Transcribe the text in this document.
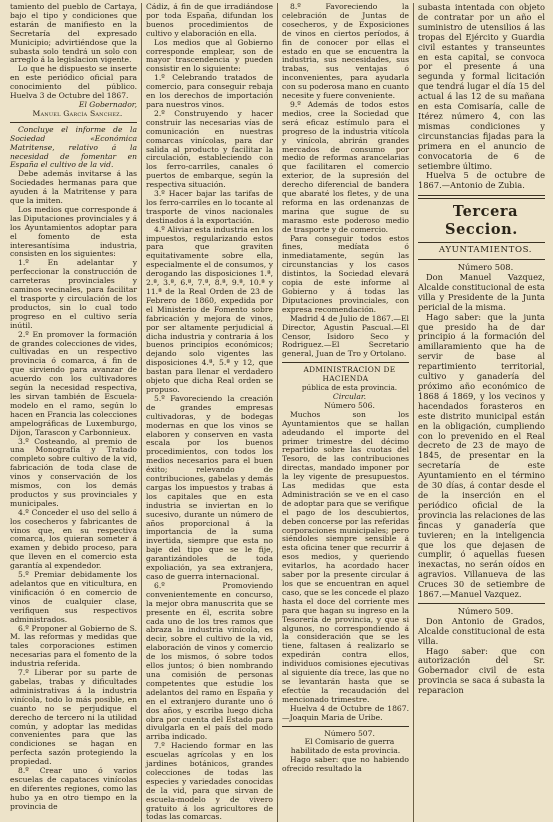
tamiento del pueblo de Cartaya, bajo el tipo y condiciones que estarán de manifiesto en la Secretaría del expresado Municipio; advirtiéndose que la subasta solo tendrá un solo con arreglo á la legislacion vigente.

Lo que he dispuesto se inserte en este periódico oficial para conocimiento del público. Huelva 3 de Octubre del 1867.

El Gobernador,

Manuel García Sanchez.

Concluye el informe de la Sociedad «Económica Matritense, relativo á la necesidad de fomentar en España el cultivo de la vid.

Debe además invitarse á las Sociedades hermanas para que ayuden á la Matritense y para que la imiten.

Los medios que corresponde á las Diputaciones provinciales y á los Ayuntamientos adoptar para el fomento de esta interesantísima industria, consisten en los siguientes:

1.º En adelantar y perfeccionar la construcción de carreteras provinciales y caminos vecinales, para facilitar el trasporte y circulación de los productos, sin lo cual todo progreso en el cultivo sería inútil.

2.º En promover la formación de grandes colecciones de vides, cultivadas en un respectivo provincia ó comarca, á fin de que sirviendo para avanzar de acuerdo con los cultivadores según la necesidad respectiva, les sirvan también de Escuela-modelo en el ramo, según lo hacen en Francia las colecciones ampelográficas de Luxemburgo, Dijon, Tarascon y Carbonnieux.

3.º Costeando, al premio de una Monografía y Tratado completo sobre cultivo de la vid, fabricación de toda clase de vinos y conservación de los mismos, con los demás productos y sus provinciales y municipales.

4.º Conceder el uso del sello á los cosecheros y fabricantes de vinos que, en su respectiva comarca, los quieran someter á examen y debido proceso, para que lleven en el comercio esta garantía al expendedor.

5.º Premiar debidamente los adelantos que en viticultura, en vinificación ó en comercio de vinos de cualquier clase, verifiquen sus respectivos administrados.

6.º Proponer al Gobierno de S. M. las reformas y medidas que tales corporaciones estimen necesarias para el fomento de la industria referida.

7.º Liberar por su parte de gabelas, trabas y dificultades administrativas á la industria vinícola, todo lo más posible, en cuanto no se perjudique el derecho de tercero ni la utilidad común, y adoptar las medidas convenientes para que las condiciones se hagan en perfecta sazón protegiendo la propiedad.

8.º Crear uno ó varios escuelas de capataces vinícolas en diferentes regiones, como las hubo ya en otro tiempo en la provincia de

Cádiz, á fin de que irradiándose por toda España, difundan los buenos procedimientos de cultivo y elaboración en ella.

Los medios que al Gobierno corresponde emplear, son de mayor trascendencia y pueden consistir en lo siguiente:

1.º Celebrando tratados de comercio, para conseguir rebaja en los derechos de importación para nuestros vinos.

2.º Construyendo y hacer construir las necesarias vías de comunicación en nuestras comarcas vinícolas, para dar salida al producto y facilitar la circulación, estableciendo con los ferro-carriles, canales ó puertos de embarque, según la respectiva situación.

3.º Hacer bajar las tarifas de los ferro-carriles en lo tocante al trasporte de vinos nacionales destinados á la exportación.

4.º Aliviar esta industria en los impuestos, regularizando estos para que graviten equitativamente sobre ella, especialmente el de consumos, y derogando las disposiciones 1.ª, 2.ª, 3.ª, 6.ª, 7.ª, 8.ª, 9.ª, 10.ª y 11.ª de la Real Orden de 23 de Febrero de 1860, expedida por el Ministerio de Fomento sobre fabricación y mejora de vinos, por ser altamente perjudicial á dicha industria y contraria á los buenos principios económicos; dejando solo vigentes las disposiciones 4.ª, 5.ª y 12, que bastan para llenar el verdadero objeto que dicha Real orden se propuso.

5.º Favoreciendo la creación de grandes empresas cultivadoras, y de bodegas modernas en que los vinos se elaboren y conserven en vasta escala por los buenos procedimientos, con todos los medios necesarios para el buen éxito; relevando de contribuciones, gabelas y demás cargas los impuestos y trabas á los capitales que en esta industria se inviertan en lo sucesivo, durante un número de años proporcional á la importancia de la suma invertida, siempre que esta no baje del tipo que se le fije, garantizándoles de toda expoliación, ya sea extranjera, caso de guerra internacional.

6.º Promoviendo convenientemente en concurso, la mejor obra manuscrita que se presente en él, escrita sobre cada uno de los tres ramos que abraza la industria vinícola, es decir, sobre el cultivo de la vid, elaboración de vinos y comercio de los mismos, ó sobre todos ellos juntos; ó bien nombrando una comisión de personas competentes que estudie los adelantos del ramo en España y en el extranjero durante uno ó dos años, y escriba luego dicha obra por cuenta del Estado para divulgarla en el país del modo arriba indicado.

7.º Haciendo formar en las escuelas agrícolas y en los jardines botánicos, grandes colecciones de todas las especies y variedades conocidas de la vid, para que sirvan de escuela-modelo y de vivero gratuito á los agricultores de todas las comarcas.

8.º Favoreciendo la celebración de Juntas de cosecheros, y de Exposiciones de vinos en ciertos períodos, á fin de conocer por ellas el estado en que se encuentra la industria, sus necesidades, sus trabas, sus ventajas ó inconvenientes, para ayudarla con su poderosa mano en cuanto necesite y fuere conveniente.

9.º Además de todos estos medios, cree la Sociedad que será eficaz estímulo para el progreso de la industria vitícola y vinícola, abrirán grandes mercados de consumo por medio de reformas arancelarias que facilitaren el comercio exterior, de la supresión del derecho diferencial de bandera que abaraté los fletes, y de una reforma en las ordenanzas de marina que sugue de su marasmo este poderoso medio de trasporte y de comercio.

Para conseguir todos estos fines, medíata ó inmediatamente, según las circunstancias y los casos distintos, la Sociedad elevará copia de este informe al Gobierno y á todas las Diputaciones provinciales, con expresa recomendación.

Madrid 4 de Julio de 1867.—El Director, Agustin Pascual.—El Censor, Isidoro Seco y Rodriguez.—El Secretario general, Juan de Tro y Ortolano.

ADMINISTRACION DE HACIENDA

pública de esta provincia.

Circular.

Número 506.

Muchos son los Ayuntamientos que se hallan adeudando el importe del primer trimestre del décimo repartido sobre las cuotas del Tesoro, de las contribuciones directas, mandado imponer por la ley vigente de presupuestos. Las medidas que esta Administración se ve en el caso de adoptar para que se verifique el pago de los descubiertos, deben concerse por las referidas corporaciones municipales; pero siéndoles siempre sensible á esta oficina tener que recurrir á esos medios, y queriendo evitarlos, ha acordado hacer saber por la presente circular á los que se encuentran en aquel caso, que se les concede el plazo hasta el doce del corriente mes para que hagan su ingreso en la Tesorería de provincia, y que si algunos, no correspondiendo á la consideración que se les tiene, faltasen á realizarlo se expedirán contra ellos, individuos comisiones ejecutivas al siguiente día trece, las que no se levantarán hasta que se efectúe la recaudación del mencionado trimestre.

Huelva 4 de Octubre de 1867.—Joaquin Maria de Uribe.

Número 507.

El Comisario de guerra habilitado de esta provincia.

Hago saber: que no habiendo ofrecido resultado la

subasta intentada con objeto de contratar por un año el suministro de utensilios á las tropas del Ejército y Guardia civil estantes y transeuntes en esta capital, se convoca por el presente á una segunda y formal licitación que tendrá lugar el día 15 del actual á las 12 de su mañana en esta Comisaría, calle de Itérez número 4, con las mismas condiciones y circunstancias fijadas para la primera en el anuncio de convocatoria de 6 de setiembre último.

Huelva 5 de octubre de 1867.—Antonio de Zubia.

Tercera Seccion.

AYUNTAMIENTOS.

Número 508.

Don Manuel Vazquez, Alcalde constitucional de esta villa y Presidente de la Junta pericial de la misma.

Hago saber: que la junta que presido ha de dar principio á la formación del amillaramiento que ha de servir de base al repartimiento territorial, cultivo y ganadería del próximo año económico de 1868 á 1869, y los vecinos y hacendados forasteros en este distrito municipal están en la obligación, cumpliendo con lo prevenido en el Real decreto de 23 de mayo de 1845, de presentar en la secretaría de este Ayuntamiento en el término de 30 días, á contar desde el de la inserción en el periódico oficial de la provincia las relaciones de las fincas y ganadería que tuvieren; en la inteligencia que los que dejasen de cumplir, ó aquellas fuesen inexactas, no serán oídos en agravios. Villanueva de las Cruces 30 de setiembre de 1867.—Manuel Vazquez.

Número 509.

Don Antonio de Grados, Alcalde constitucional de esta villa.

Hago saber: que con autorización del Sr. Gobernador civil de esta provincia se saca á subasta la reparacion
